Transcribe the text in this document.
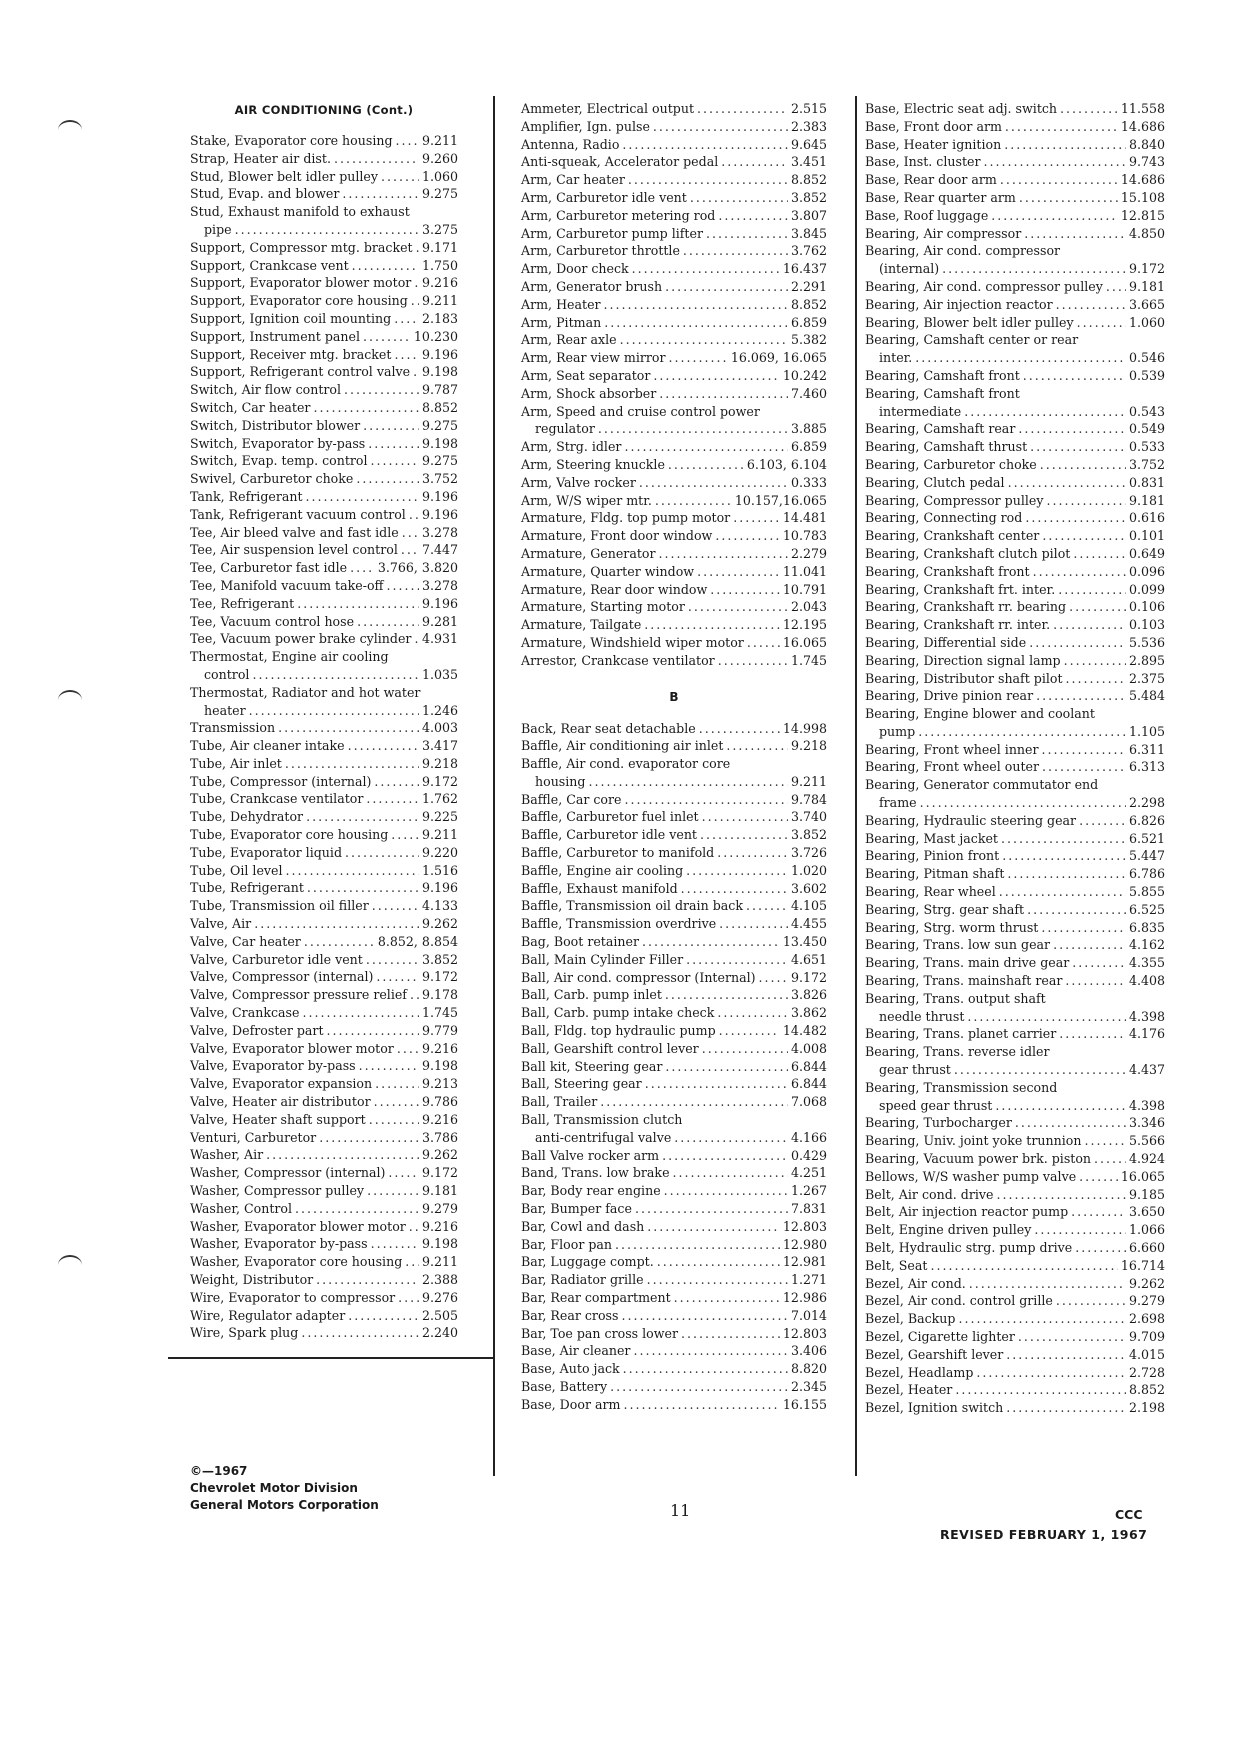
AIR CONDITIONING (Cont.)
Stake, Evaporator core housing ..... 9.211
Strap, Heater air dist. .....	9.260
Stud, Blower belt idler pulley .....	1.060
Stud, Evap. and blower .....	9.275
Stud, Exhaust manifold to exhaust
pipe .....	3.275
Support, Compressor mtg. bracket ..... 9.171
Support, Crankcase vent .....	1.750
Support, Evaporator blower motor ..... 9.216
Support, Evaporator core housing ..... 9.211
Support, Ignition coil mounting ..... 2.183
Support, Instrument panel .....	10.230
Support, Receiver mtg. bracket ..... 9.196
Support, Refrigerant control valve ..... 9.198
Switch, Air flow control .....	9.787
Switch, Car heater .....	8.852
Switch, Distributor blower .....	9.275
Switch, Evaporator by-pass .....	9.198
Switch, Evap. temp. control .....	9.275
Swivel, Carburetor choke .....	3.752
Tank, Refrigerant .....	9.196
Tank, Refrigerant vacuum control ..... 9.196
Tee, Air bleed valve and fast idle ..... 3.278
Tee, Air suspension level control ..... 7.447
Tee, Carburetor fast idle ..... 3.766, 3.820
Tee, Manifold vacuum take-off .....	3.278
Tee, Refrigerant .....	9.196
Tee, Vacuum control hose .....	9.281
Tee, Vacuum power brake cylinder ..... 4.931
Thermostat, Engine air cooling
control .....	1.035
Thermostat, Radiator and hot water
heater .....	1.246
Transmission .....	4.003
Tube, Air cleaner intake .....	3.417
Tube, Air inlet .....	9.218
Tube, Compressor (internal) .....	9.172
Tube, Crankcase ventilator .....	1.762
Tube, Dehydrator .....	9.225
Tube, Evaporator core housing .....	9.211
Tube, Evaporator liquid .....	9.220
Tube, Oil level .....	1.516
Tube, Refrigerant .....	9.196
Tube, Transmission oil filler .....	4.133
Valve, Air .....	9.262
Valve, Car heater .....	8.852, 8.854
Valve, Carburetor idle vent .....	3.852
Valve, Compressor (internal) .....	9.172
Valve, Compressor pressure relief ..... 9.178
Valve, Crankcase .....	1.745
Valve, Defroster part .....	9.779
Valve, Evaporator blower motor ..... 9.216
Valve, Evaporator by-pass .....	9.198
Valve, Evaporator expansion .....	9.213
Valve, Heater air distributor .....	9.786
Valve, Heater shaft support .....	9.216
Venturi, Carburetor .....	3.786
Washer, Air .....	9.262
Washer, Compressor (internal) .....	9.172
Washer, Compressor pulley .....	9.181
Washer, Control .....	9.279
Washer, Evaporator blower motor ..... 9.216
Washer, Evaporator by-pass .....	9.198
Washer, Evaporator core housing ..... 9.211
Weight, Distributor .....	2.388
Wire, Evaporator to compressor ..... 9.276
Wire, Regulator adapter .....	2.505
Wire, Spark plug .....	2.240
Ammeter, Electrical output .....	2.515
Amplifier, Ign. pulse .....	2.383
Antenna, Radio .....	9.645
Anti-squeak, Accelerator pedal .....	3.451
Arm, Car heater .....	8.852
Arm, Carburetor idle vent .....	3.852
Arm, Carburetor metering rod .....	3.807
Arm, Carburetor pump lifter .....	3.845
Arm, Carburetor throttle .....	3.762
Arm, Door check .....	16.437
Arm, Generator brush .....	2.291
Arm, Heater .....	8.852
Arm, Pitman .....	6.859
Arm, Rear axle .....	5.382
Arm, Rear view mirror .....	16.069, 16.065
Arm, Seat separator .....	10.242
Arm, Shock absorber .....	7.460
Arm, Speed and cruise control power
regulator .....	3.885
Arm, Strg. idler .....	6.859
Arm, Steering knuckle .....	6.103, 6.104
Arm, Valve rocker .....	0.333
Arm, W/S wiper mtr. .....	10.157,16.065
Armature, Fldg. top pump motor .....	14.481
Armature, Front door window .....	10.783
Armature, Generator .....	2.279
Armature, Quarter window .....	11.041
Armature, Rear door window .....	10.791
Armature, Starting motor .....	2.043
Armature, Tailgate .....	12.195
Armature, Windshield wiper motor .....	16.065
Arrestor, Crankcase ventilator .....	1.745
B
Back, Rear seat detachable .....	14.998
Baffle, Air conditioning air inlet .....	9.218
Baffle, Air cond. evaporator core
housing .....	9.211
Baffle, Car core .....	9.784
Baffle, Carburetor fuel inlet .....	3.740
Baffle, Carburetor idle vent .....	3.852
Baffle, Carburetor to manifold .....	3.726
Baffle, Engine air cooling .....	1.020
Baffle, Exhaust manifold .....	3.602
Baffle, Transmission oil drain back .....	4.105
Baffle, Transmission overdrive .....	4.455
Bag, Boot retainer .....	13.450
Ball, Main Cylinder Filler .....	4.651
Ball, Air cond. compressor (Internal) .....	9.172
Ball, Carb. pump inlet .....	3.826
Ball, Carb. pump intake check .....	3.862
Ball, Fldg. top hydraulic pump .....	14.482
Ball, Gearshift control lever .....	4.008
Ball kit, Steering gear .....	6.844
Ball, Steering gear .....	6.844
Ball, Trailer .....	7.068
Ball, Transmission clutch
anti-centrifugal valve .....	4.166
Ball Valve rocker arm .....	0.429
Band, Trans. low brake .....	4.251
Bar, Body rear engine .....	1.267
Bar, Bumper face .....	7.831
Bar, Cowl and dash .....	12.803
Bar, Floor pan .....	12.980
Bar, Luggage compt. .....	12.981
Bar, Radiator grille .....	1.271
Bar, Rear compartment .....	12.986
Bar, Rear cross .....	7.014
Bar, Toe pan cross lower .....	12.803
Base, Air cleaner .....	3.406
Base, Auto jack .....	8.820
Base, Battery .....	2.345
Base, Door arm .....	16.155
Base, Electric seat adj. switch .....	11.558
Base, Front door arm .....	14.686
Base, Heater ignition .....	8.840
Base, Inst. cluster .....	9.743
Base, Rear door arm .....	14.686
Base, Rear quarter arm .....	15.108
Base, Roof luggage .....	12.815
Bearing, Air compressor .....	4.850
Bearing, Air cond. compressor
(internal) .....	9.172
Bearing, Air cond. compressor pulley ..... 9.181
Bearing, Air injection reactor .....	3.665
Bearing, Blower belt idler pulley .....	1.060
Bearing, Camshaft center or rear
inter. .....	0.546
Bearing, Camshaft front .....	0.539
Bearing, Camshaft front
intermediate .....	0.543
Bearing, Camshaft rear .....	0.549
Bearing, Camshaft thrust .....	0.533
Bearing, Carburetor choke .....	3.752
Bearing, Clutch pedal .....	0.831
Bearing, Compressor pulley .....	9.181
Bearing, Connecting rod .....	0.616
Bearing, Crankshaft center .....	0.101
Bearing, Crankshaft clutch pilot .....	0.649
Bearing, Crankshaft front .....	0.096
Bearing, Crankshaft frt. inter. .....	0.099
Bearing, Crankshaft rr. bearing .....	0.106
Bearing, Crankshaft rr. inter. .....	0.103
Bearing, Differential side .....	5.536
Bearing, Direction signal lamp .....	2.895
Bearing, Distributor shaft pilot .....	2.375
Bearing, Drive pinion rear .....	5.484
Bearing, Engine blower and coolant
pump .....	1.105
Bearing, Front wheel inner .....	6.311
Bearing, Front wheel outer .....	6.313
Bearing, Generator commutator end
frame .....	2.298
Bearing, Hydraulic steering gear .....	6.826
Bearing, Mast jacket .....	6.521
Bearing, Pinion front .....	5.447
Bearing, Pitman shaft .....	6.786
Bearing, Rear wheel .....	5.855
Bearing, Strg. gear shaft .....	6.525
Bearing, Strg. worm thrust .....	6.835
Bearing, Trans. low sun gear .....	4.162
Bearing, Trans. main drive gear .....	4.355
Bearing, Trans. mainshaft rear .....	4.408
Bearing, Trans. output shaft
needle thrust .....	4.398
Bearing, Trans. planet carrier .....	4.176
Bearing, Trans. reverse idler
gear thrust .....	4.437
Bearing, Transmission second
speed gear thrust .....	4.398
Bearing, Turbocharger .....	3.346
Bearing, Univ. joint yoke trunnion .....	5.566
Bearing, Vacuum power brk. piston .....	4.924
Bellows, W/S washer pump valve .....	16.065
Belt, Air cond. drive .....	9.185
Belt, Air injection reactor pump .....	3.650
Belt, Engine driven pulley .....	1.066
Belt, Hydraulic strg. pump drive .....	6.660
Belt, Seat .....	16.714
Bezel, Air cond. .....	9.262
Bezel, Air cond. control grille .....	9.279
Bezel, Backup .....	2.698
Bezel, Cigarette lighter .....	9.709
Bezel, Gearshift lever .....	4.015
Bezel, Headlamp .....	2.728
Bezel, Heater .....	8.852
Bezel, Ignition switch .....	2.198
©—1967
Chevrolet Motor Division
General Motors Corporation	11	CCC
REVISED FEBRUARY 1, 1967
